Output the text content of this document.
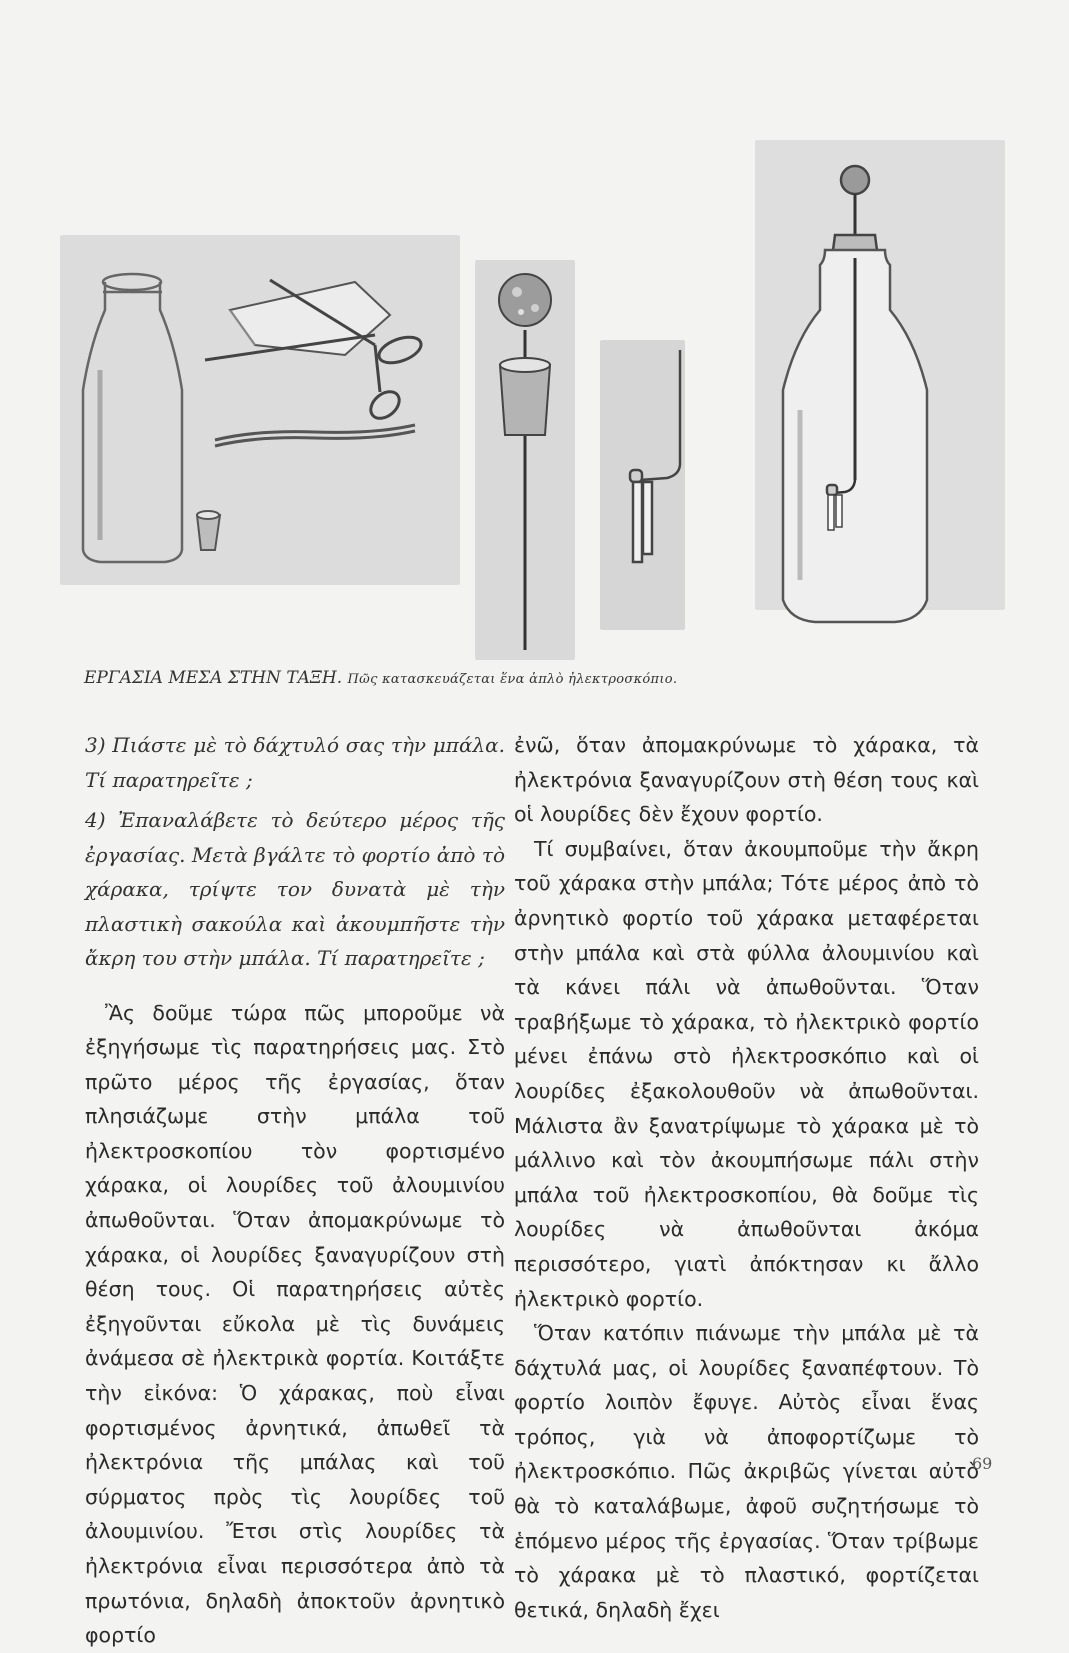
ΕΡΓΑΣΙΑ ΜΕΣΑ ΣΤΗΝ ΤΑΞΗ. Πῶς κατασκευάζεται ἕνα ἁπλὸ ἠλεκτροσκόπιο.

3) Πιάστε μὲ τὸ δάχτυλό σας τὴν μπάλα. Τί παρατηρεῖτε ;

4) Ἐπαναλάβετε τὸ δεύτερο μέρος τῆς ἐργασίας. Μετὰ βγάλτε τὸ φορτίο ἀπὸ τὸ χάρακα, τρίψτε τον δυνατὰ μὲ τὴν πλαστικὴ σακούλα καὶ ἀκουμπῆστε τὴν ἄκρη του στὴν μπάλα. Τί παρατηρεῖτε ;

Ἂς δοῦμε τώρα πῶς μποροῦμε νὰ ἐξηγήσωμε τὶς παρατηρήσεις μας. Στὸ πρῶτο μέρος τῆς ἐργασίας, ὅταν πλησιάζωμε στὴν μπάλα τοῦ ἠλεκτροσκοπίου τὸν φορτισμένο χάρακα, οἱ λουρίδες τοῦ ἀλουμινίου ἀπωθοῦνται. Ὅταν ἀπομακρύνωμε τὸ χάρακα, οἱ λουρίδες ξαναγυρίζουν στὴ θέση τους. Οἱ παρατηρήσεις αὐτὲς ἐξηγοῦνται εὔκολα μὲ τὶς δυνάμεις ἀνάμεσα σὲ ἠλεκτρικὰ φορτία. Κοιτάξτε τὴν εἰκόνα: Ὁ χάρακας, ποὺ εἶναι φορτισμένος ἀρνητικά, ἀπωθεῖ τὰ ἠλεκτρόνια τῆς μπάλας καὶ τοῦ σύρματος πρὸς τὶς λουρίδες τοῦ ἀλουμινίου. Ἔτσι στὶς λουρίδες τὰ ἠλεκτρόνια εἶναι περισσότερα ἀπὸ τὰ πρωτόνια, δηλαδὴ ἀποκτοῦν ἀρνητικὸ φορτίο

ἐνῶ, ὅταν ἀπομακρύνωμε τὸ χάρακα, τὰ ἠλεκτρόνια ξαναγυρίζουν στὴ θέση τους καὶ οἱ λουρίδες δὲν ἔχουν φορτίο.

Τί συμβαίνει, ὅταν ἀκουμποῦμε τὴν ἄκρη τοῦ χάρακα στὴν μπάλα; Τότε μέρος ἀπὸ τὸ ἀρνητικὸ φορτίο τοῦ χάρακα μεταφέρεται στὴν μπάλα καὶ στὰ φύλλα ἀλουμινίου καὶ τὰ κάνει πάλι νὰ ἀπωθοῦνται. Ὅταν τραβήξωμε τὸ χάρακα, τὸ ἠλεκτρικὸ φορτίο μένει ἐπάνω στὸ ἠλεκτροσκόπιο καὶ οἱ λουρίδες ἐξακολουθοῦν νὰ ἀπωθοῦνται. Μάλιστα ἂν ξανατρίψωμε τὸ χάρακα μὲ τὸ μάλλινο καὶ τὸν ἀκουμπήσωμε πάλι στὴν μπάλα τοῦ ἠλεκτροσκοπίου, θὰ δοῦμε τὶς λουρίδες νὰ ἀπωθοῦνται ἀκόμα περισσότερο, γιατὶ ἀπόκτησαν κι ἄλλο ἠλεκτρικὸ φορτίο.

Ὅταν κατόπιν πιάνωμε τὴν μπάλα μὲ τὰ δάχτυλά μας, οἱ λουρίδες ξαναπέφτουν. Τὸ φορτίο λοιπὸν ἔφυγε. Αὐτὸς εἶναι ἕνας τρόπος, γιὰ νὰ ἀποφορτίζωμε τὸ ἠλεκτροσκόπιο. Πῶς ἀκριβῶς γίνεται αὐτὸ θὰ τὸ καταλάβωμε, ἀφοῦ συζητήσωμε τὸ ἑπόμενο μέρος τῆς ἐργασίας. Ὅταν τρίβωμε τὸ χάρακα μὲ τὸ πλαστικό, φορτίζεται θετικά, δηλαδὴ ἔχει

69
